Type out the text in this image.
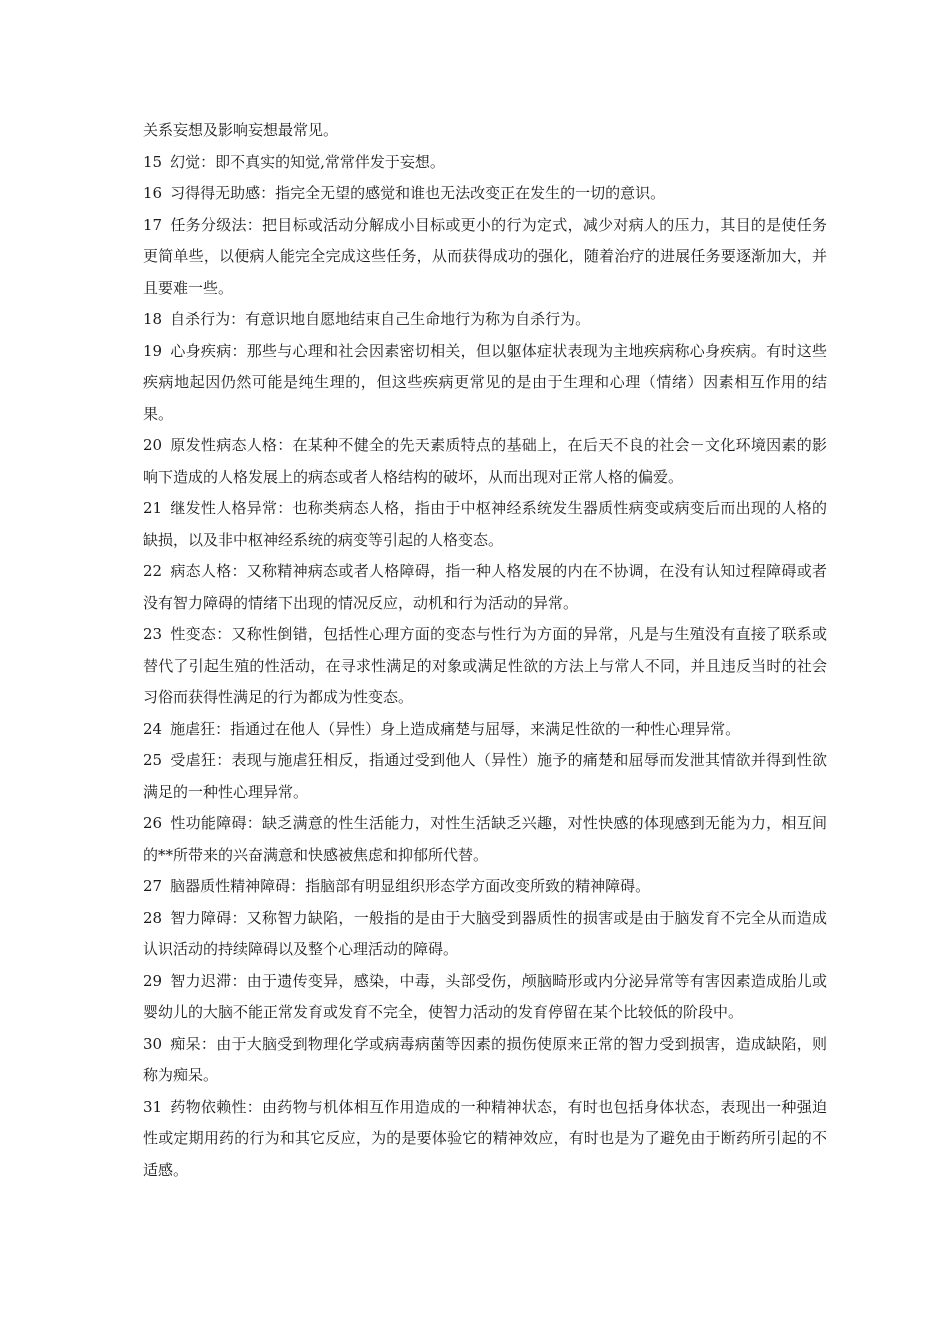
关系妄想及影响妄想最常见。

15 幻觉：即不真实的知觉,常常伴发于妄想。

16 习得得无助感：指完全无望的感觉和谁也无法改变正在发生的一切的意识。

17 任务分级法：把目标或活动分解成小目标或更小的行为定式，减少对病人的压力，其目的是使任务更简单些，以便病人能完全完成这些任务，从而获得成功的强化，随着治疗的进展任务要逐渐加大，并且要难一些。

18 自杀行为：有意识地自愿地结束自己生命地行为称为自杀行为。

19 心身疾病：那些与心理和社会因素密切相关，但以躯体症状表现为主地疾病称心身疾病。有时这些疾病地起因仍然可能是纯生理的，但这些疾病更常见的是由于生理和心理（情绪）因素相互作用的结果。

20 原发性病态人格：在某种不健全的先天素质特点的基础上，在后天不良的社会－文化环境因素的影响下造成的人格发展上的病态或者人格结构的破坏，从而出现对正常人格的偏爱。

21 继发性人格异常：也称类病态人格，指由于中枢神经系统发生器质性病变或病变后而出现的人格的缺损，以及非中枢神经系统的病变等引起的人格变态。

22 病态人格：又称精神病态或者人格障碍，指一种人格发展的内在不协调，在没有认知过程障碍或者没有智力障碍的情绪下出现的情况反应，动机和行为活动的异常。

23 性变态：又称性倒错，包括性心理方面的变态与性行为方面的异常，凡是与生殖没有直接了联系或替代了引起生殖的性活动，在寻求性满足的对象或满足性欲的方法上与常人不同，并且违反当时的社会习俗而获得性满足的行为都成为性变态。

24 施虐狂：指通过在他人（异性）身上造成痛楚与屈辱，来满足性欲的一种性心理异常。

25 受虐狂：表现与施虐狂相反，指通过受到他人（异性）施予的痛楚和屈辱而发泄其情欲并得到性欲满足的一种性心理异常。

26 性功能障碍：缺乏满意的性生活能力，对性生活缺乏兴趣，对性快感的体现感到无能为力，相互间的**所带来的兴奋满意和快感被焦虑和抑郁所代替。

27 脑器质性精神障碍：指脑部有明显组织形态学方面改变所致的精神障碍。

28 智力障碍：又称智力缺陷，一般指的是由于大脑受到器质性的损害或是由于脑发育不完全从而造成认识活动的持续障碍以及整个心理活动的障碍。

29 智力迟滞：由于遗传变异，感染，中毒，头部受伤，颅脑畸形或内分泌异常等有害因素造成胎儿或婴幼儿的大脑不能正常发育或发育不完全，使智力活动的发育停留在某个比较低的阶段中。

30 痴呆：由于大脑受到物理化学或病毒病菌等因素的损伤使原来正常的智力受到损害，造成缺陷，则称为痴呆。

31 药物依赖性：由药物与机体相互作用造成的一种精神状态，有时也包括身体状态，表现出一种强迫性或定期用药的行为和其它反应，为的是要体验它的精神效应，有时也是为了避免由于断药所引起的不适感。
